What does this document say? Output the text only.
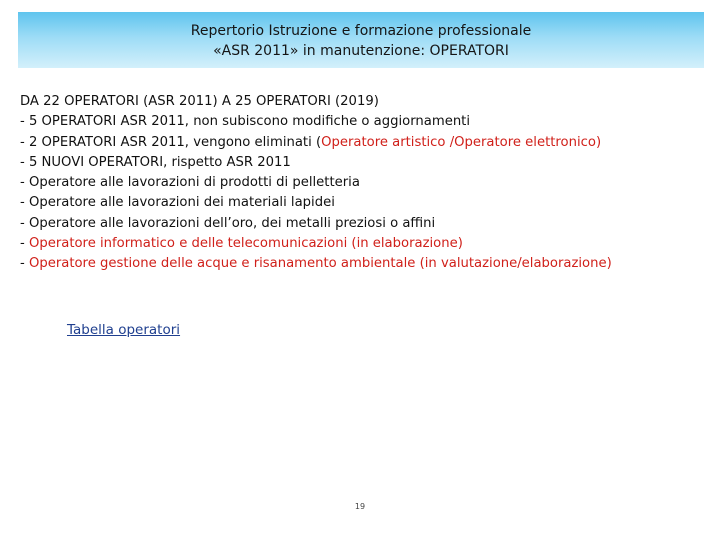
Repertorio Istruzione e formazione professionale
«ASR 2011» in manutenzione: OPERATORI
DA 22 OPERATORI (ASR 2011) A 25 OPERATORI (2019)
- 5 OPERATORI ASR 2011, non subiscono modifiche o aggiornamenti
- 2 OPERATORI ASR 2011, vengono eliminati (Operatore artistico /Operatore elettronico)
- 5 NUOVI OPERATORI, rispetto ASR 2011
- Operatore alle lavorazioni di prodotti di pelletteria
- Operatore alle lavorazioni dei materiali lapidei
- Operatore alle lavorazioni dell’oro, dei metalli preziosi o affini
- Operatore informatico e delle telecomunicazioni (in elaborazione)
- Operatore gestione delle acque e risanamento ambientale (in valutazione/elaborazione)
Tabella operatori
19
